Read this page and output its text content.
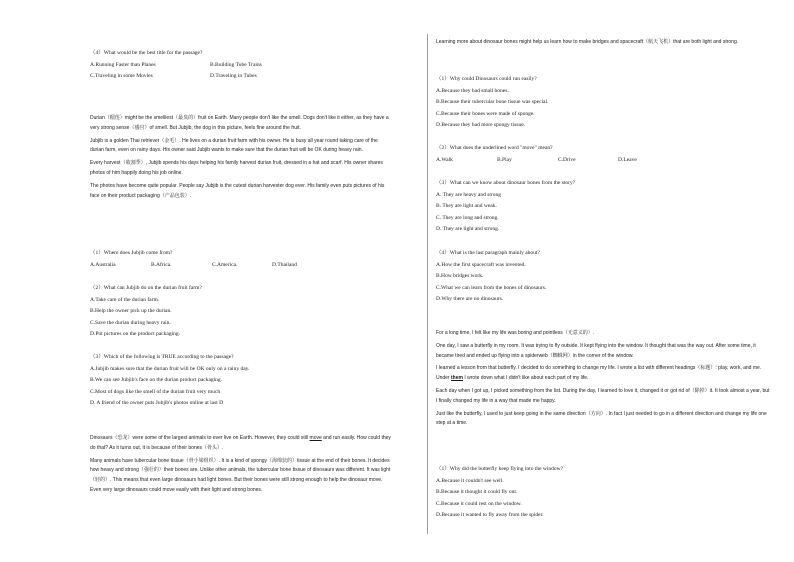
（4）What would be the best title for the passage?

A.Running Faster than Planes	B.Building Tube Trains
C.Traveling in some Movies	D.Traveling in Tubes

Durian（榴莲）might be the smelliest（最臭的）fruit on Earth. Many people don't like the smell. Dogs don't like it either, as they have a very strong sense（感官）of smell. But Jubjib, the dog in this picture, feels fine around the fruit.

Jubjib is a golden Thai retriever（金毛）. He lives on a durian fruit farm with his owner. He is busy all year round taking care of the durian farm, even on rainy days. His owner said Jubjib wants to make sure that the durian fruit will be OK during heavy rain.

Every harvest（收割季）, Jubjib spends his days helping his family harvest durian fruit, dressed in a hat and scarf. His owner shares photos of him happily doing his job online.

The photos have become quite popular. People say Jubjib is the cutest durian harvester dog ever. His family even puts pictures of his face on their product packaging（产品包装）.

（1）Where does Jubjib come from?

A.Australia	B.Africa.	C.America.	D.Thailand

（2）What can Jubjib do on the durian fruit farm?

A.Take care of the durian farm.

B.Help the owner pick up the durian.

C.Save the durian during heavy rain.

D.Put pictures on the product packaging.

（3）Which of the following is TRUE according to the passage?

A.Jubjib makes sure that the durian fruit will be OK only on a rainy day.

B.We can see Jubjib's face on the durian product packaging.

C.Most of dogs like the smell of the durian fruit very much

D. A friend of the owner puts Jubjib's photos online at last D

Dinosaurs（恐龙）were some of the largest animals to ever live on Earth. However, they could still move and run easily. How could they do that? As it turns out, it is because of their bones（骨头）.

Many animals have tubercular bone tissue（骨小梁组织）. It is a kind of spongy（海绵状的）tissue at the end of their bones. It decides how heavy and strong（强壮的）their bones are. Unlike other animals, the tubercular bone tissue of dinosaurs was different. It was light（轻的）. This means that even large dinosaurs had light bones. But their bones were still strong enough to help the dinosaur move. Even very large dinosaurs could move easily with their light and strong bones.

Learning more about dinosaur bones might help us learn how to make bridges and spacecraft（航天飞机）that are both light and strong.

（1）Why could Dinosaurs could run easily?

A.Because they had small bones.

B.Because their tubercular bone tissue was special.

C.Because their bones were made of sponge.

D.Because they had more spongy tissue.

（2）What does the underlined word "move" mean?

A.Walk	B.Play	C.Drive	D.Leave

（3）What can we know about dinosaur bones from the story?

A. They are heavy and strong

B. They are light and weak.

C. They are long and strong.

D. They are light and strong.

（4）What is the last paragraph mainly about?

A.How the first spacecraft was invented.

B.How bridges work.

C.What we can learn from the bones of dinosaurs.

D.Why there are no dinosaurs.

For a long time, I felt like my life was boring and pointless（无意义的）.

One day, I saw a butterfly in my room. It was trying to fly outside. It kept flying into the window. It thought that was the way out. After some time, it became tired and ended up flying into a spiderweb（蜘蛛网）in the corner of the window.

I learned a lesson from that butterfly. I decided to do something to change my life. I wrote a list with different headings（标题）: play, work, and me. Under them I wrote down what I didn't like about each part of my life.

Each day when I got up, I picked something from the list. During the day, I learned to love it, changed it or got rid of（除掉）it. It took almost a year, but I finally changed my life in a way that made me happy.

Just like the butterfly, I used to just keep going in the same direction（方向）. In fact I just needed to go in a different direction and change my life one step at a time.

（1）Why did the butterfly keep flying into the window?

A.Because it couldn't see well.

B.Because it thought it could fly out.

C.Because it could rest on the window.

D.Because it wanted to fly away from the spider.
